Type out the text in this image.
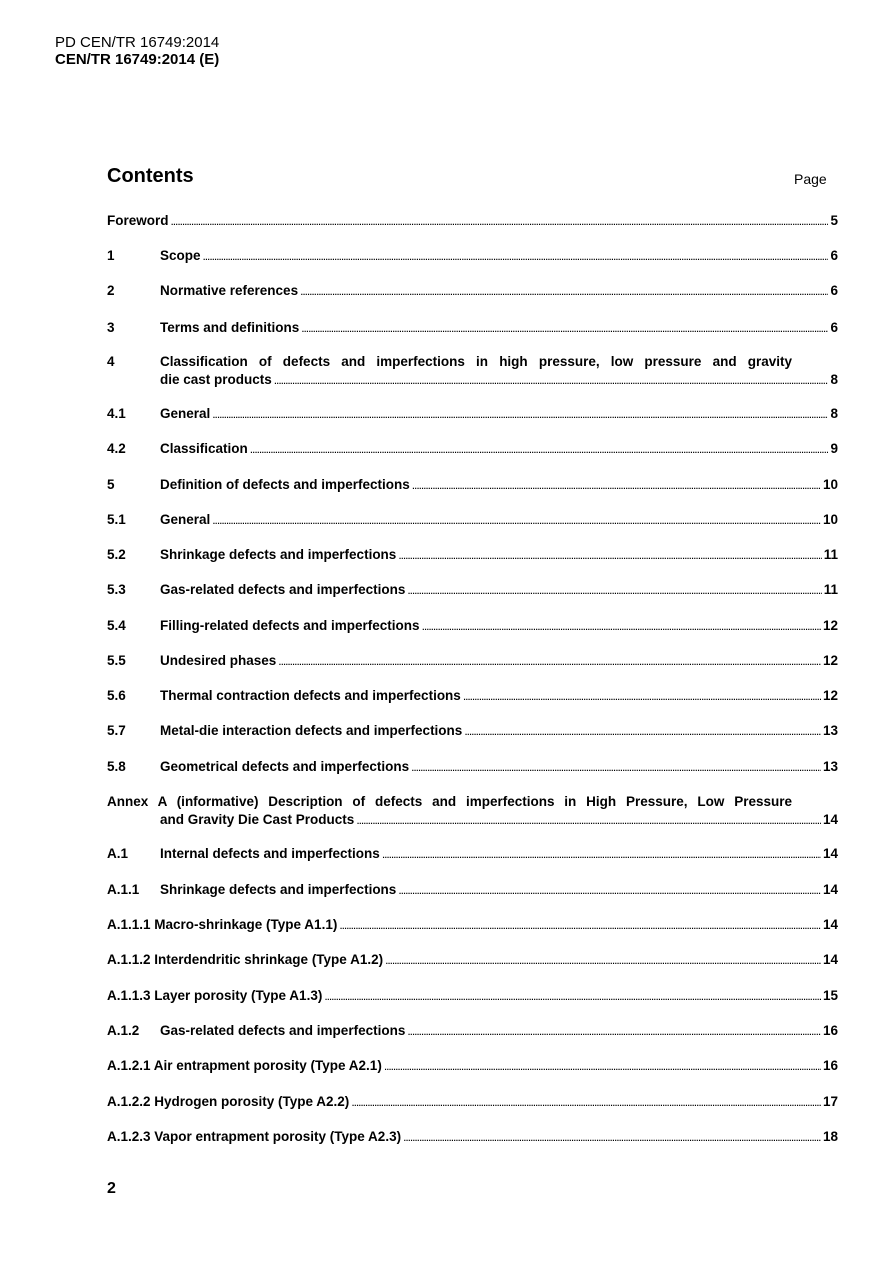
PD CEN/TR 16749:2014
CEN/TR 16749:2014 (E)
Contents	Page
Foreword . . .	5
1	Scope . . .	6
2	Normative references . . .	6
3	Terms and definitions . . .	6
4	Classification of defects and imperfections in high pressure, low pressure and gravity
die cast products . . .	8
4.1	General . . .	8
4.2	Classification . . .	9
5	Definition of defects and imperfections . . .	10
5.1	General . . .	10
5.2	Shrinkage defects and imperfections . . .	11
5.3	Gas-related defects and imperfections . . .	11
5.4	Filling-related defects and imperfections . . .	12
5.5	Undesired phases . . .	12
5.6	Thermal contraction defects and imperfections . . .	12
5.7	Metal-die interaction defects and imperfections . . .	13
5.8	Geometrical defects and imperfections . . .	13
Annex A (informative) Description of defects and imperfections in High Pressure, Low Pressure
and Gravity Die Cast Products . . .	14
A.1	Internal defects and imperfections . . .	14
A.1.1	Shrinkage defects and imperfections . . .	14
A.1.1.1 Macro-shrinkage (Type A1.1) . . .	14
A.1.1.2 Interdendritic shrinkage (Type A1.2) . . .	14
A.1.1.3 Layer porosity (Type A1.3) . . .	15
A.1.2	Gas-related defects and imperfections . . .	16
A.1.2.1 Air entrapment porosity (Type A2.1) . . .	16
A.1.2.2 Hydrogen porosity (Type A2.2) . . .	17
A.1.2.3 Vapor entrapment porosity (Type A2.3) . . .	18
2
